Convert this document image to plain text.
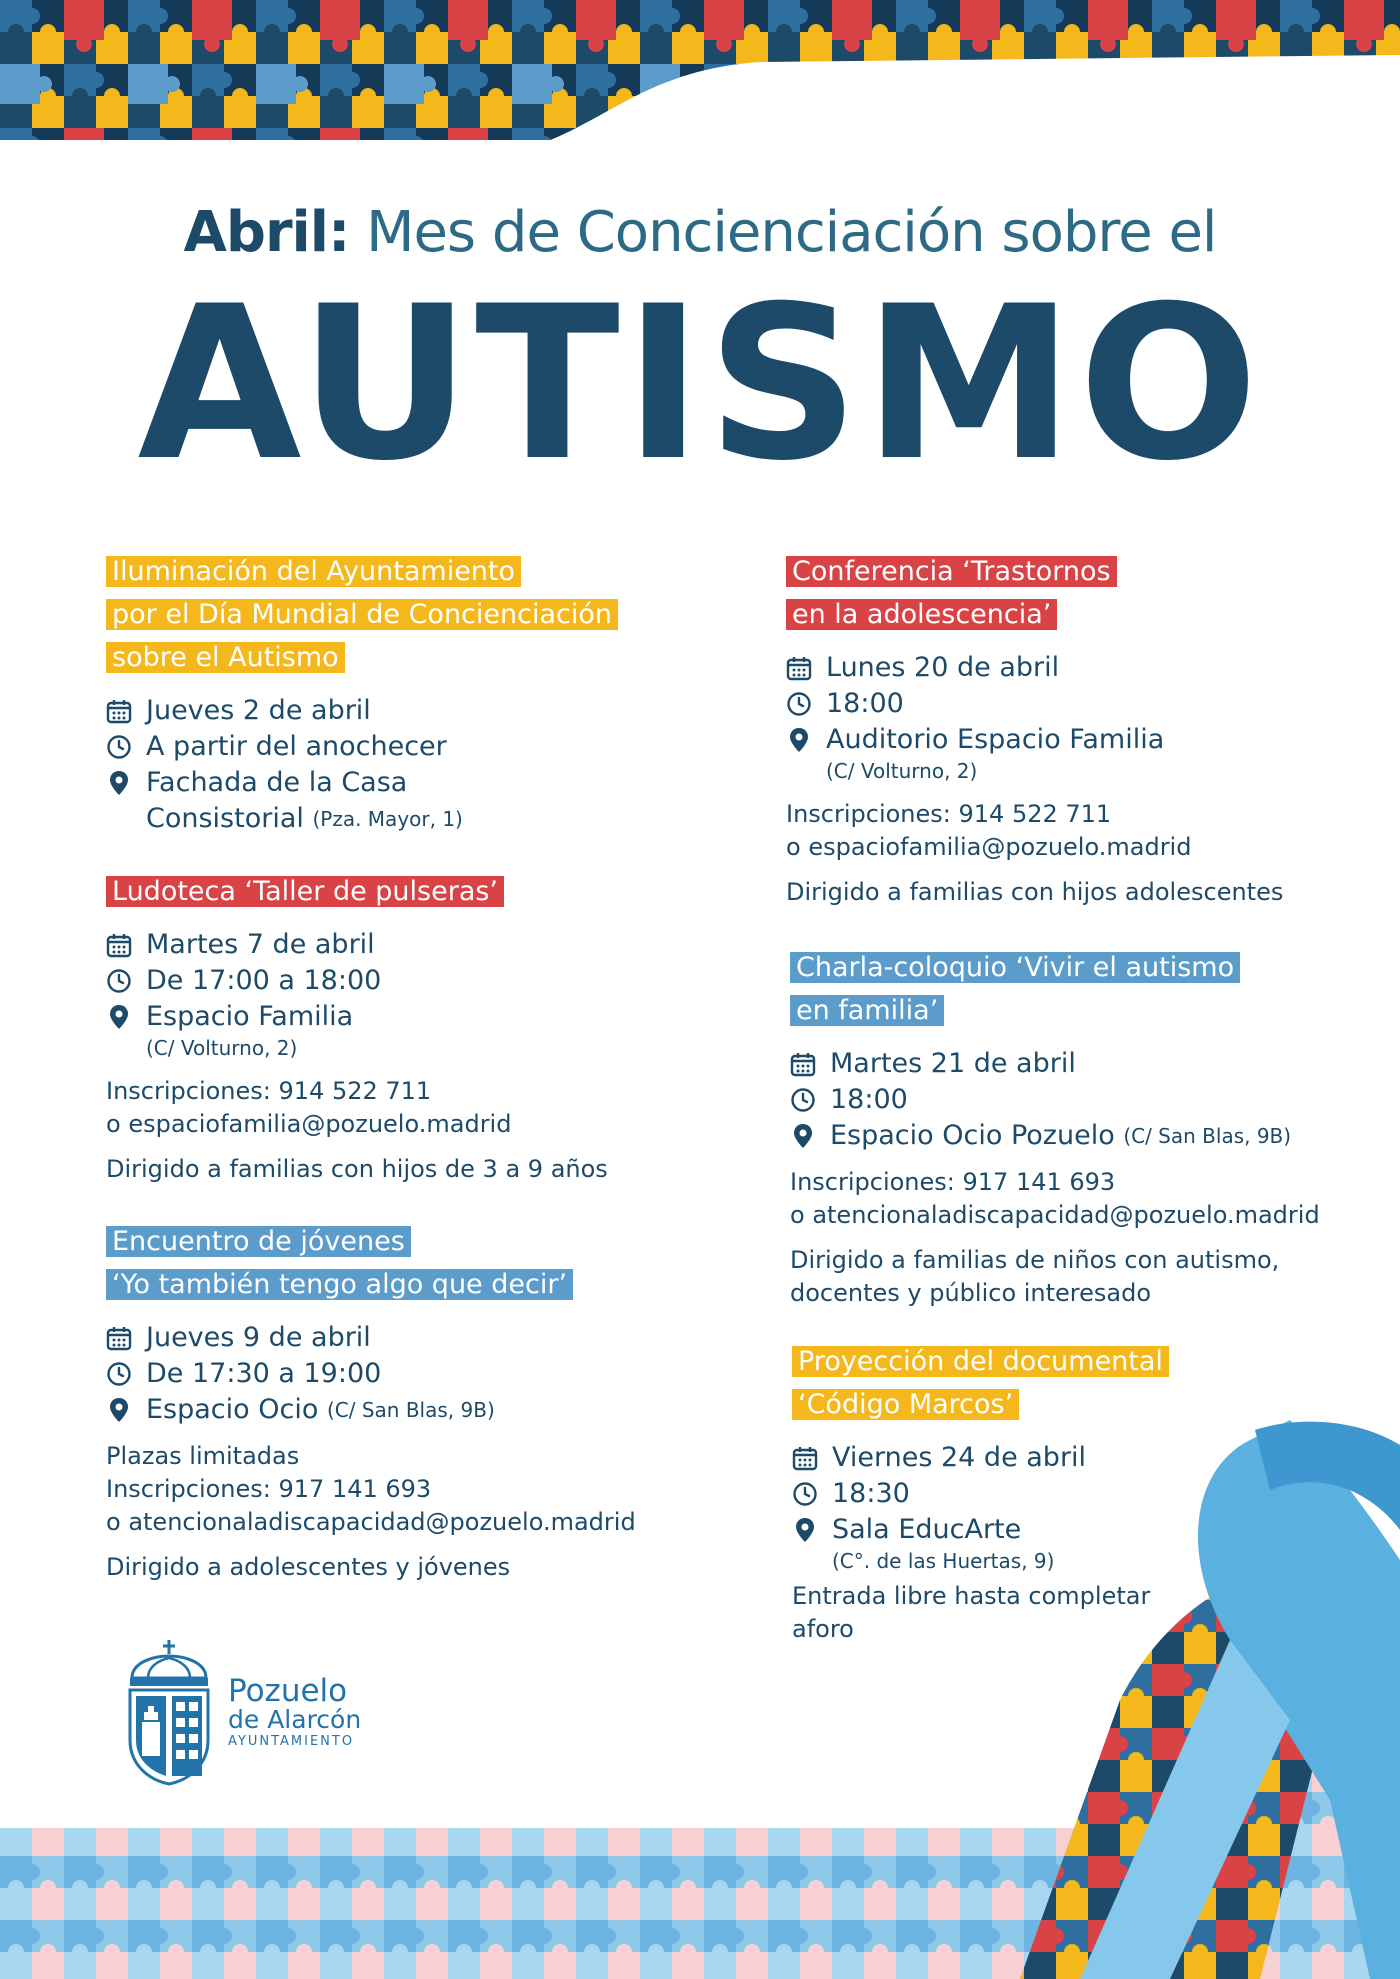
Abril: Mes de Concienciación sobre el
AUTISMO
Iluminación del Ayuntamiento
por el Día Mundial de Concienciación
sobre el Autismo
Jueves 2 de abril
A partir del anochecer
Fachada de la Casa
Consistorial
(Pza. Mayor, 1)
Ludoteca ‘Taller de pulseras’
Martes 7 de abril
De 17:00 a 18:00
Espacio Familia
(C/ Volturno, 2)
Inscripciones: 914 522 711
o espaciofamilia@pozuelo.madrid
Dirigido a familias con hijos de 3 a 9 años
Encuentro de jóvenes
‘Yo también tengo algo que decir’
Jueves 9 de abril
De 17:30 a 19:00
Espacio Ocio
(C/ San Blas, 9B)
Plazas limitadas
Inscripciones: 917 141 693
o atencionaladiscapacidad@pozuelo.madrid
Dirigido a adolescentes y jóvenes
Conferencia ‘Trastornos
en la adolescencia’
Lunes 20 de abril
18:00
Auditorio Espacio Familia
(C/ Volturno, 2)
Inscripciones: 914 522 711
o espaciofamilia@pozuelo.madrid
Dirigido a familias con hijos adolescentes
Charla-coloquio ‘Vivir el autismo
en familia’
Martes 21 de abril
18:00
Espacio Ocio Pozuelo
(C/ San Blas, 9B)
Inscripciones: 917 141 693
o atencionaladiscapacidad@pozuelo.madrid
Dirigido a familias de niños con autismo,
docentes y público interesado
Proyección del documental
‘Código Marcos’
Viernes 24 de abril
18:30
Sala EducArte
(C°. de las Huertas, 9)
Entrada libre hasta completar
aforo
Pozuelo
de Alarcón
AYUNTAMIENTO
